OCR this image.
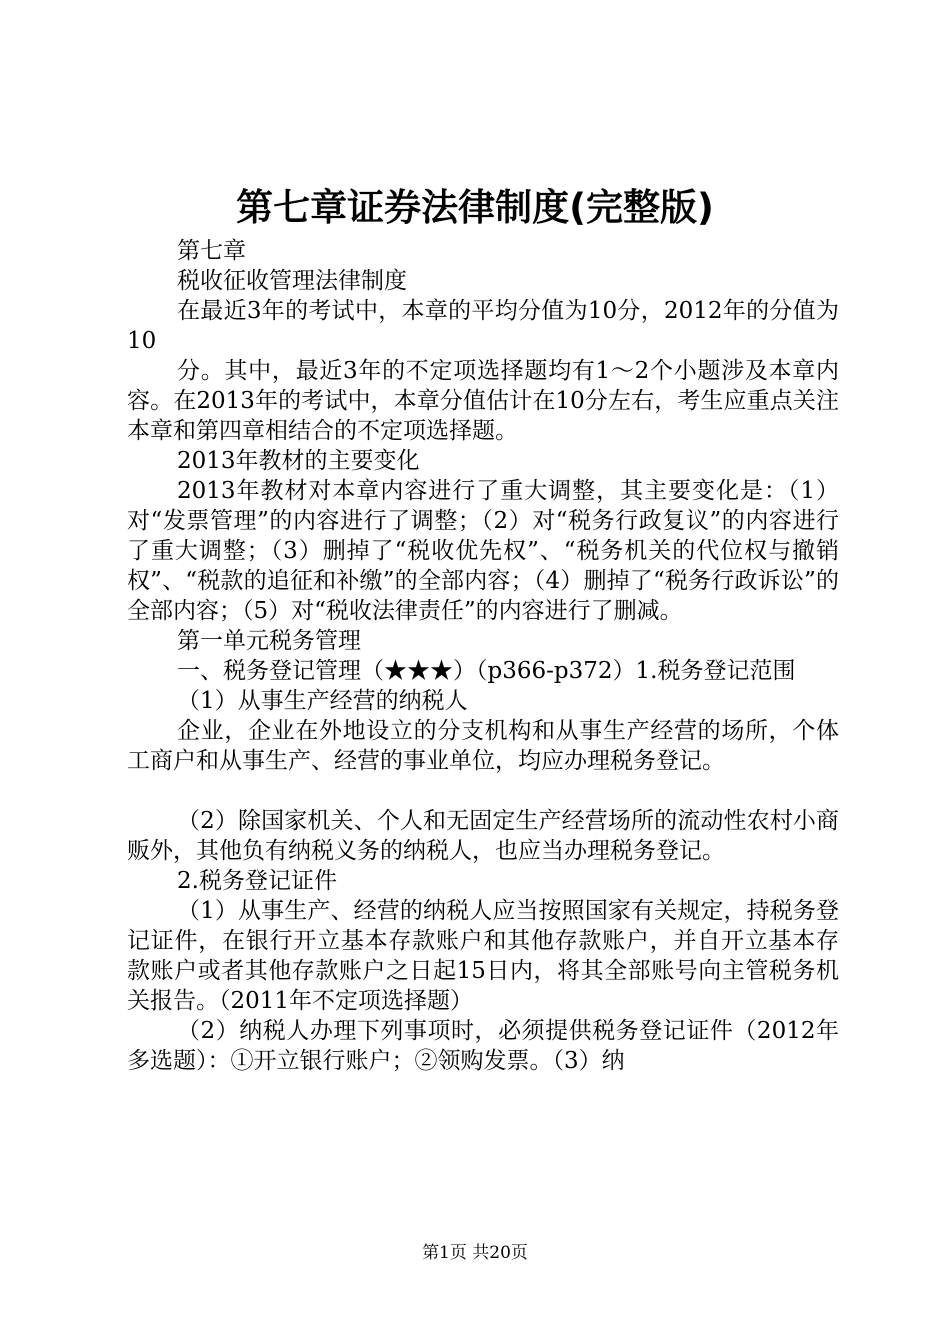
第七章证券法律制度(完整版)

第七章

税收征收管理法律制度

在最近3年的考试中，本章的平均分值为10分，2012年的分值为10

分。其中，最近3年的不定项选择题均有1～2个小题涉及本章内容。在2013年的考试中，本章分值估计在10分左右，考生应重点关注本章和第四章相结合的不定项选择题。

2013年教材的主要变化

2013年教材对本章内容进行了重大调整，其主要变化是：（1）对“发票管理”的内容进行了调整；（2）对“税务行政复议”的内容进行了重大调整；（3）删掉了“税收优先权”、“税务机关的代位权与撤销权”、“税款的追征和补缴”的全部内容；（4）删掉了“税务行政诉讼”的全部内容；（5）对“税收法律责任”的内容进行了删减。

第一单元税务管理

一、税务登记管理（★★★）（p366-p372）1.税务登记范围

（1）从事生产经营的纳税人

企业，企业在外地设立的分支机构和从事生产经营的场所，个体工商户和从事生产、经营的事业单位，均应办理税务登记。

（2）除国家机关、个人和无固定生产经营场所的流动性农村小商贩外，其他负有纳税义务的纳税人，也应当办理税务登记。

2.税务登记证件

（1）从事生产、经营的纳税人应当按照国家有关规定，持税务登记证件，在银行开立基本存款账户和其他存款账户，并自开立基本存款账户或者其他存款账户之日起15日内，将其全部账号向主管税务机关报告。（2011年不定项选择题）

（2）纳税人办理下列事项时，必须提供税务登记证件（2012年多选题）：①开立银行账户；②领购发票。（3）纳

第1页 共20页
